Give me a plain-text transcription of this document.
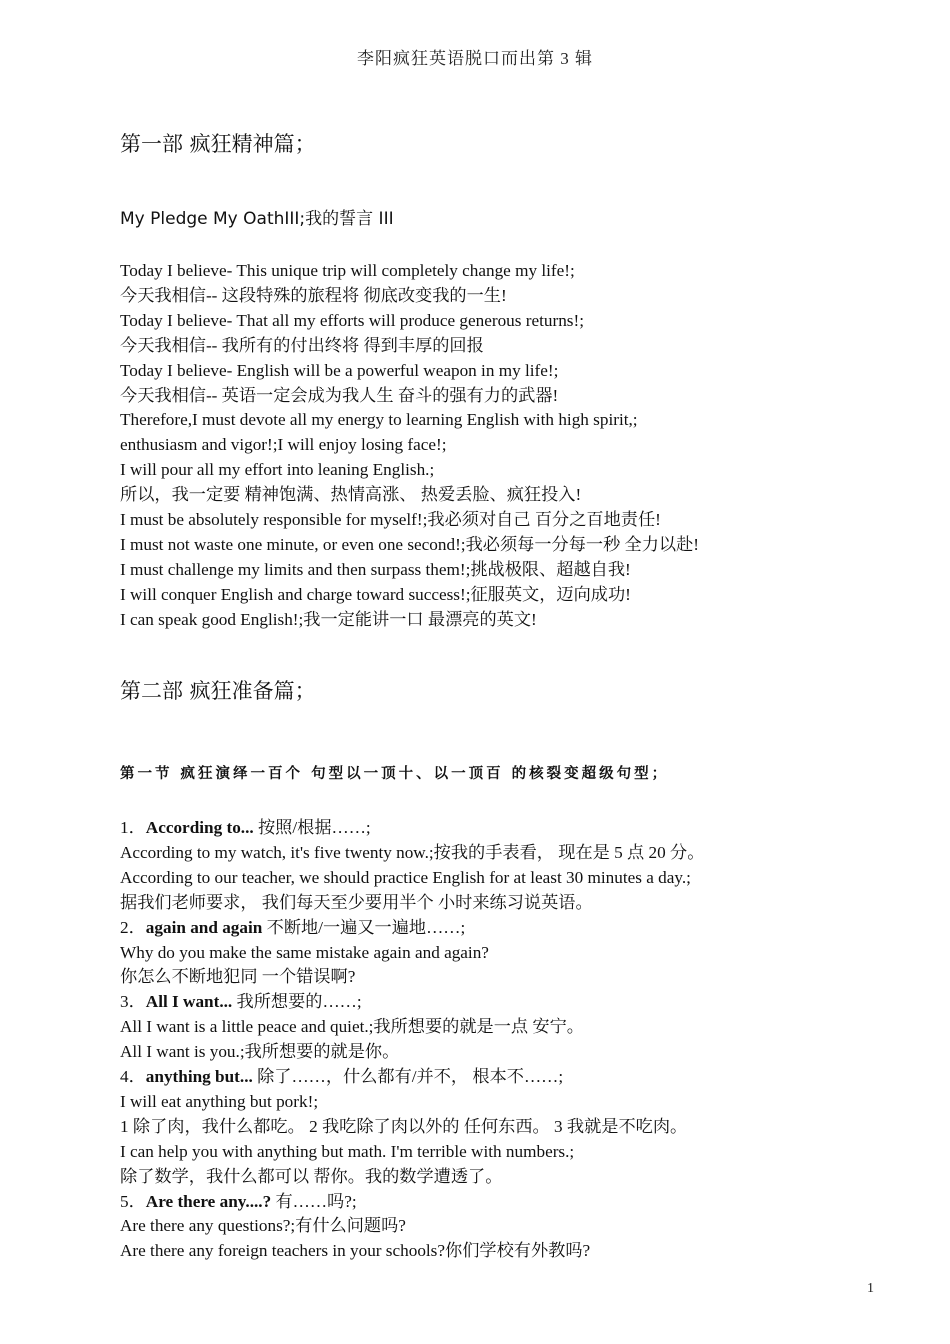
李阳疯狂英语脱口而出第 3 辑
第一部 疯狂精神篇；
My Pledge My OathIII;我的誓言 III
Today I believe- This unique trip will completely change my life!;
今天我相信-- 这段特殊的旅程将 彻底改变我的一生!
Today I believe- That all my efforts will produce generous returns!;
今天我相信-- 我所有的付出终将 得到丰厚的回报
Today I believe- English will be a powerful weapon in my life!;
今天我相信-- 英语一定会成为我人生 奋斗的强有力的武器!
Therefore,I must devote all my energy to learning English with high spirit,;
enthusiasm and vigor!;I will enjoy losing face!;
I will pour all my effort into leaning English.;
所以，我一定要 精神饱满、热情高涨、 热爱丢脸、疯狂投入!
I must be absolutely responsible for myself!;我必须对自己 百分之百地责任!
I must not waste one minute, or even one second!;我必须每一分每一秒 全力以赴!
I must challenge my limits and then surpass them!;挑战极限、超越自我!
I will conquer English and charge toward success!;征服英文，迈向成功!
I can speak good English!;我一定能讲一口 最漂亮的英文!
第二部 疯狂准备篇；
第一节 疯狂演绎一百个 句型以一顶十、以一顶百 的核裂变超级句型；
1．According to... 按照/根据……;
According to my watch, it's five twenty now.;按我的手表看， 现在是 5 点 20 分。
According to our teacher, we should practice English for at least 30 minutes a day.;
据我们老师要求， 我们每天至少要用半个 小时来练习说英语。
2．again and again 不断地/一遍又一遍地……;
Why do you make the same mistake again and again?
你怎么不断地犯同 一个错误啊?
3．All I want... 我所想要的……;
All I want is a little peace and quiet.;我所想要的就是一点 安宁。
All I want is you.;我所想要的就是你。
4．anything but... 除了……，什么都有/并不， 根本不……;
I will eat anything but pork!;
1 除了肉，我什么都吃。 2 我吃除了肉以外的 任何东西。 3 我就是不吃肉。
I can help you with anything but math. I'm terrible with numbers.;
除了数学，我什么都可以 帮你。我的数学遭透了。
5．Are there any....? 有……吗?;
Are there any questions?;有什么问题吗?
Are there any foreign teachers in your schools?你们学校有外教吗?
1
